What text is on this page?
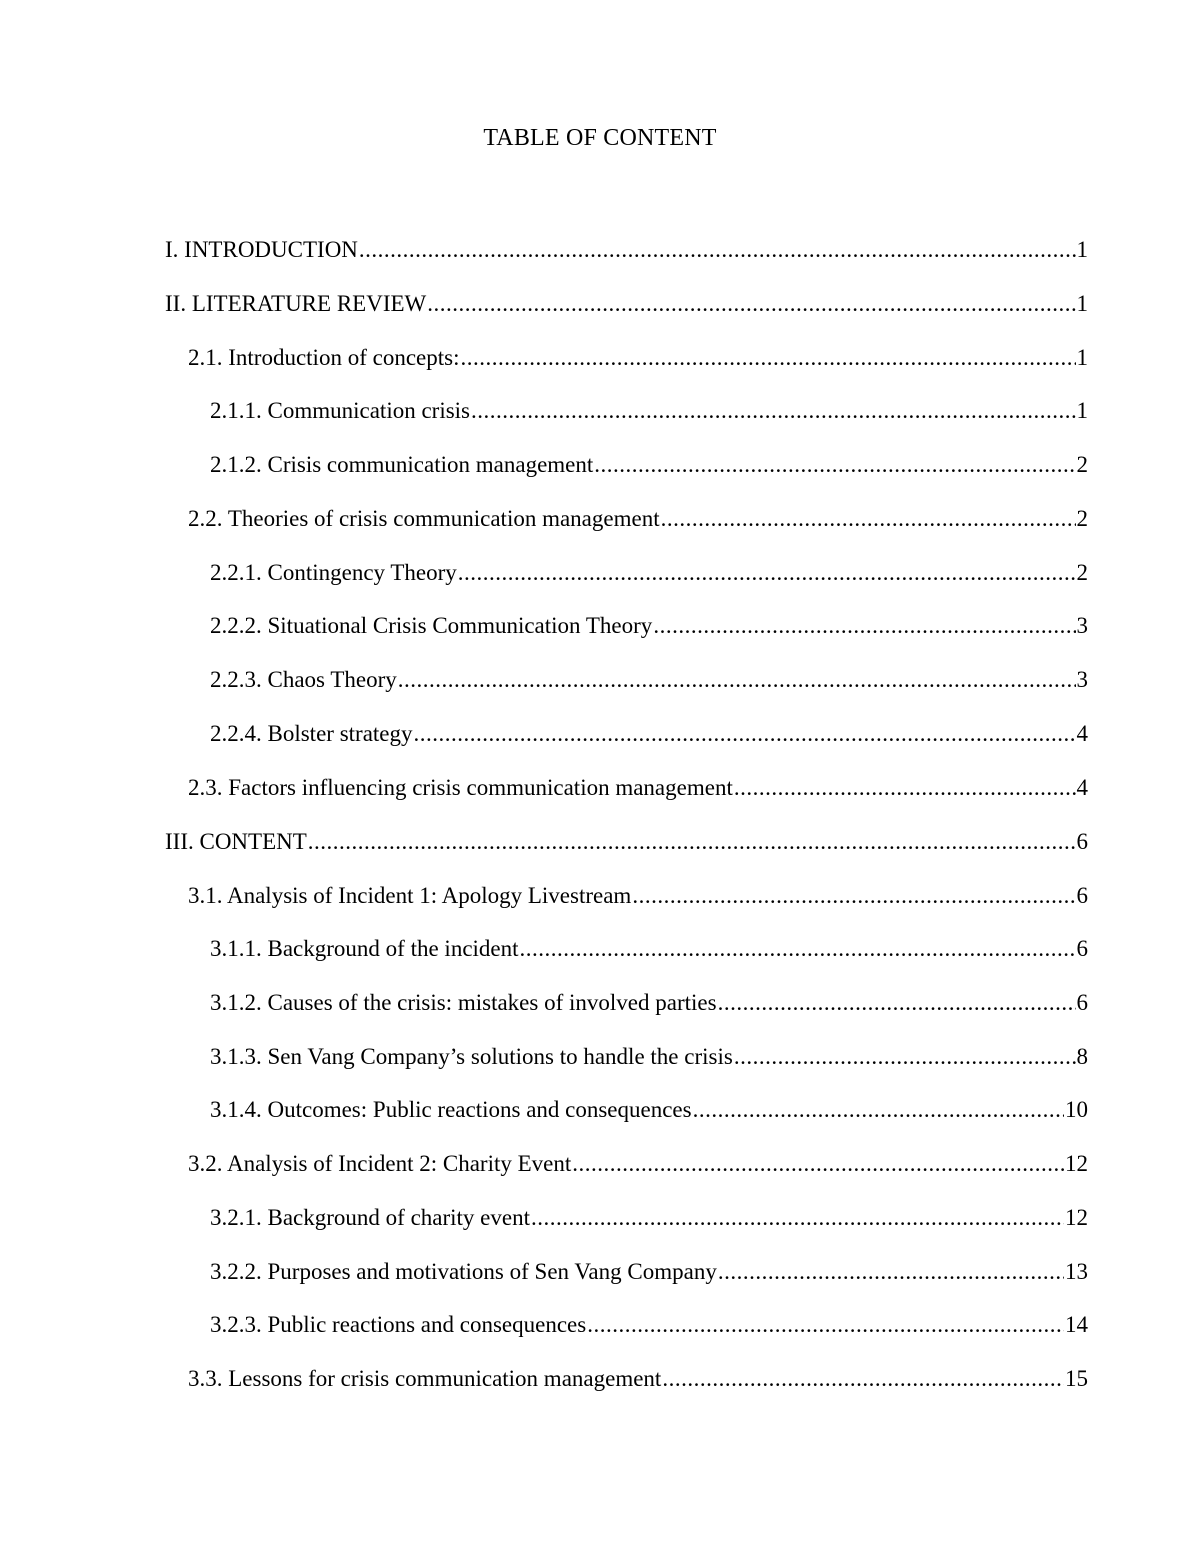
TABLE OF CONTENT
I. INTRODUCTION .....	1
II. LITERATURE REVIEW .....	1
2.1. Introduction of concepts: .....	1
2.1.1. Communication crisis .....	1
2.1.2. Crisis communication management .....	2
2.2. Theories of crisis communication management .....	2
2.2.1. Contingency Theory .....	2
2.2.2. Situational Crisis Communication Theory .....	3
2.2.3. Chaos Theory .....	3
2.2.4. Bolster strategy .....	4
2.3. Factors influencing crisis communication management .....	4
III. CONTENT .....	6
3.1. Analysis of Incident 1: Apology Livestream .....	6
3.1.1. Background of the incident .....	6
3.1.2. Causes of the crisis: mistakes of involved parties .....	6
3.1.3. Sen Vang Company’s solutions to handle the crisis .....	8
3.1.4. Outcomes: Public reactions and consequences .....	10
3.2. Analysis of Incident 2: Charity Event .....	12
3.2.1. Background of charity event .....	12
3.2.2. Purposes and motivations of Sen Vang Company .....	13
3.2.3. Public reactions and consequences .....	14
3.3. Lessons for crisis communication management .....	15
